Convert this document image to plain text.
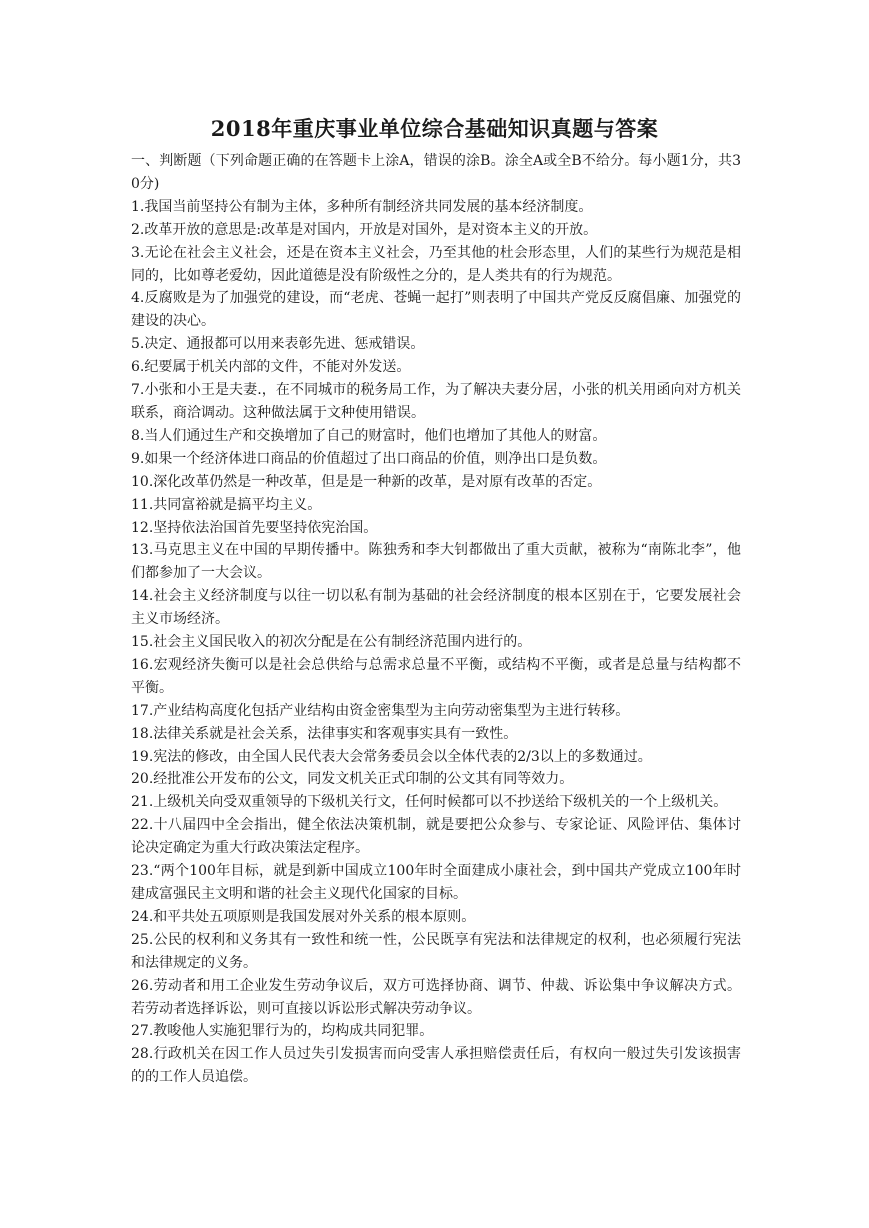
2018年重庆事业单位综合基础知识真题与答案

一、判断题（下列命题正确的在答题卡上涂A，错误的涂B。涂全A或全B不给分。每小题1分，共30分)

1.我国当前坚持公有制为主体，多种所有制经济共同发展的基本经济制度。

2.改革开放的意思是:改革是对国内，开放是对国外，是对资本主义的开放。

3.无论在社会主义社会，还是在资本主义社会，乃至其他的杜会形态里，人们的某些行为规范是相同的，比如尊老爱幼，因此道德是没有阶级性之分的，是人类共有的行为规范。

4.反腐败是为了加强党的建设，而“老虎、苍蝇一起打”则表明了中国共产党反反腐倡廉、加强党的建设的决心。

5.决定、通报都可以用来表彰先进、惩戒错误。

6.纪要属于机关内部的文件，不能对外发送。

7.小张和小王是夫妻.，在不同城市的税务局工作，为了解决夫妻分居，小张的机关用函向对方机关联系，商洽调动。这种做法属于文种使用错误。

8.当人们通过生产和交换增加了自己的财富时，他们也增加了其他人的财富。

9.如果一个经济体进口商品的价值超过了出口商品的价值，则净出口是负数。

10.深化改革仍然是一种改革，但是是一种新的改革，是对原有改革的否定。

11.共同富裕就是搞平均主义。

12.坚持依法治国首先要坚持依宪治国。

13.马克思主义在中国的早期传播中。陈独秀和李大钊都做出了重大贡献，被称为“南陈北李”，他们都参加了一大会议。

14.社会主义经济制度与以往一切以私有制为基础的社会经济制度的根本区别在于，它要发展社会主义市场经济。

15.社会主义国民收入的初次分配是在公有制经济范围内进行的。

16.宏观经济失衡可以是社会总供给与总需求总量不平衡，或结构不平衡，或者是总量与结构都不平衡。

17.产业结构高度化包括产业结构由资金密集型为主向劳动密集型为主进行转移。

18.法律关系就是社会关系，法律事实和客观事实具有一致性。

19.宪法的修改，由全国人民代表大会常务委员会以全体代表的2/3以上的多数通过。

20.经批准公开发布的公文，同发文机关正式印制的公文其有同等效力。

21.上级机关向受双重领导的下级机关行文，任何时候都可以不抄送给下级机关的一个上级机关。

22.十八届四中全会指出，健全依法决策机制，就是要把公众参与、专家论证、风险评估、集体讨论决定确定为重大行政决策法定程序。

23.“两个100年目标，就是到新中国成立100年时全面建成小康社会，到中国共产党成立100年时建成富强民主文明和谐的社会主义现代化国家的目标。

24.和平共处五项原则是我国发展对外关系的根本原则。

25.公民的权利和义务其有一致性和统一性，公民既享有宪法和法律规定的权利，也必须履行宪法和法律规定的义务。

26.劳动者和用工企业发生劳动争议后，双方可选择协商、调节、仲裁、诉讼集中争议解决方式。若劳动者选择诉讼，则可直接以诉讼形式解决劳动争议。

27.教唆他人实施犯罪行为的，均构成共同犯罪。

28.行政机关在因工作人员过失引发损害而向受害人承担赔偿责任后，有权向一般过失引发该损害的的工作人员追偿。
